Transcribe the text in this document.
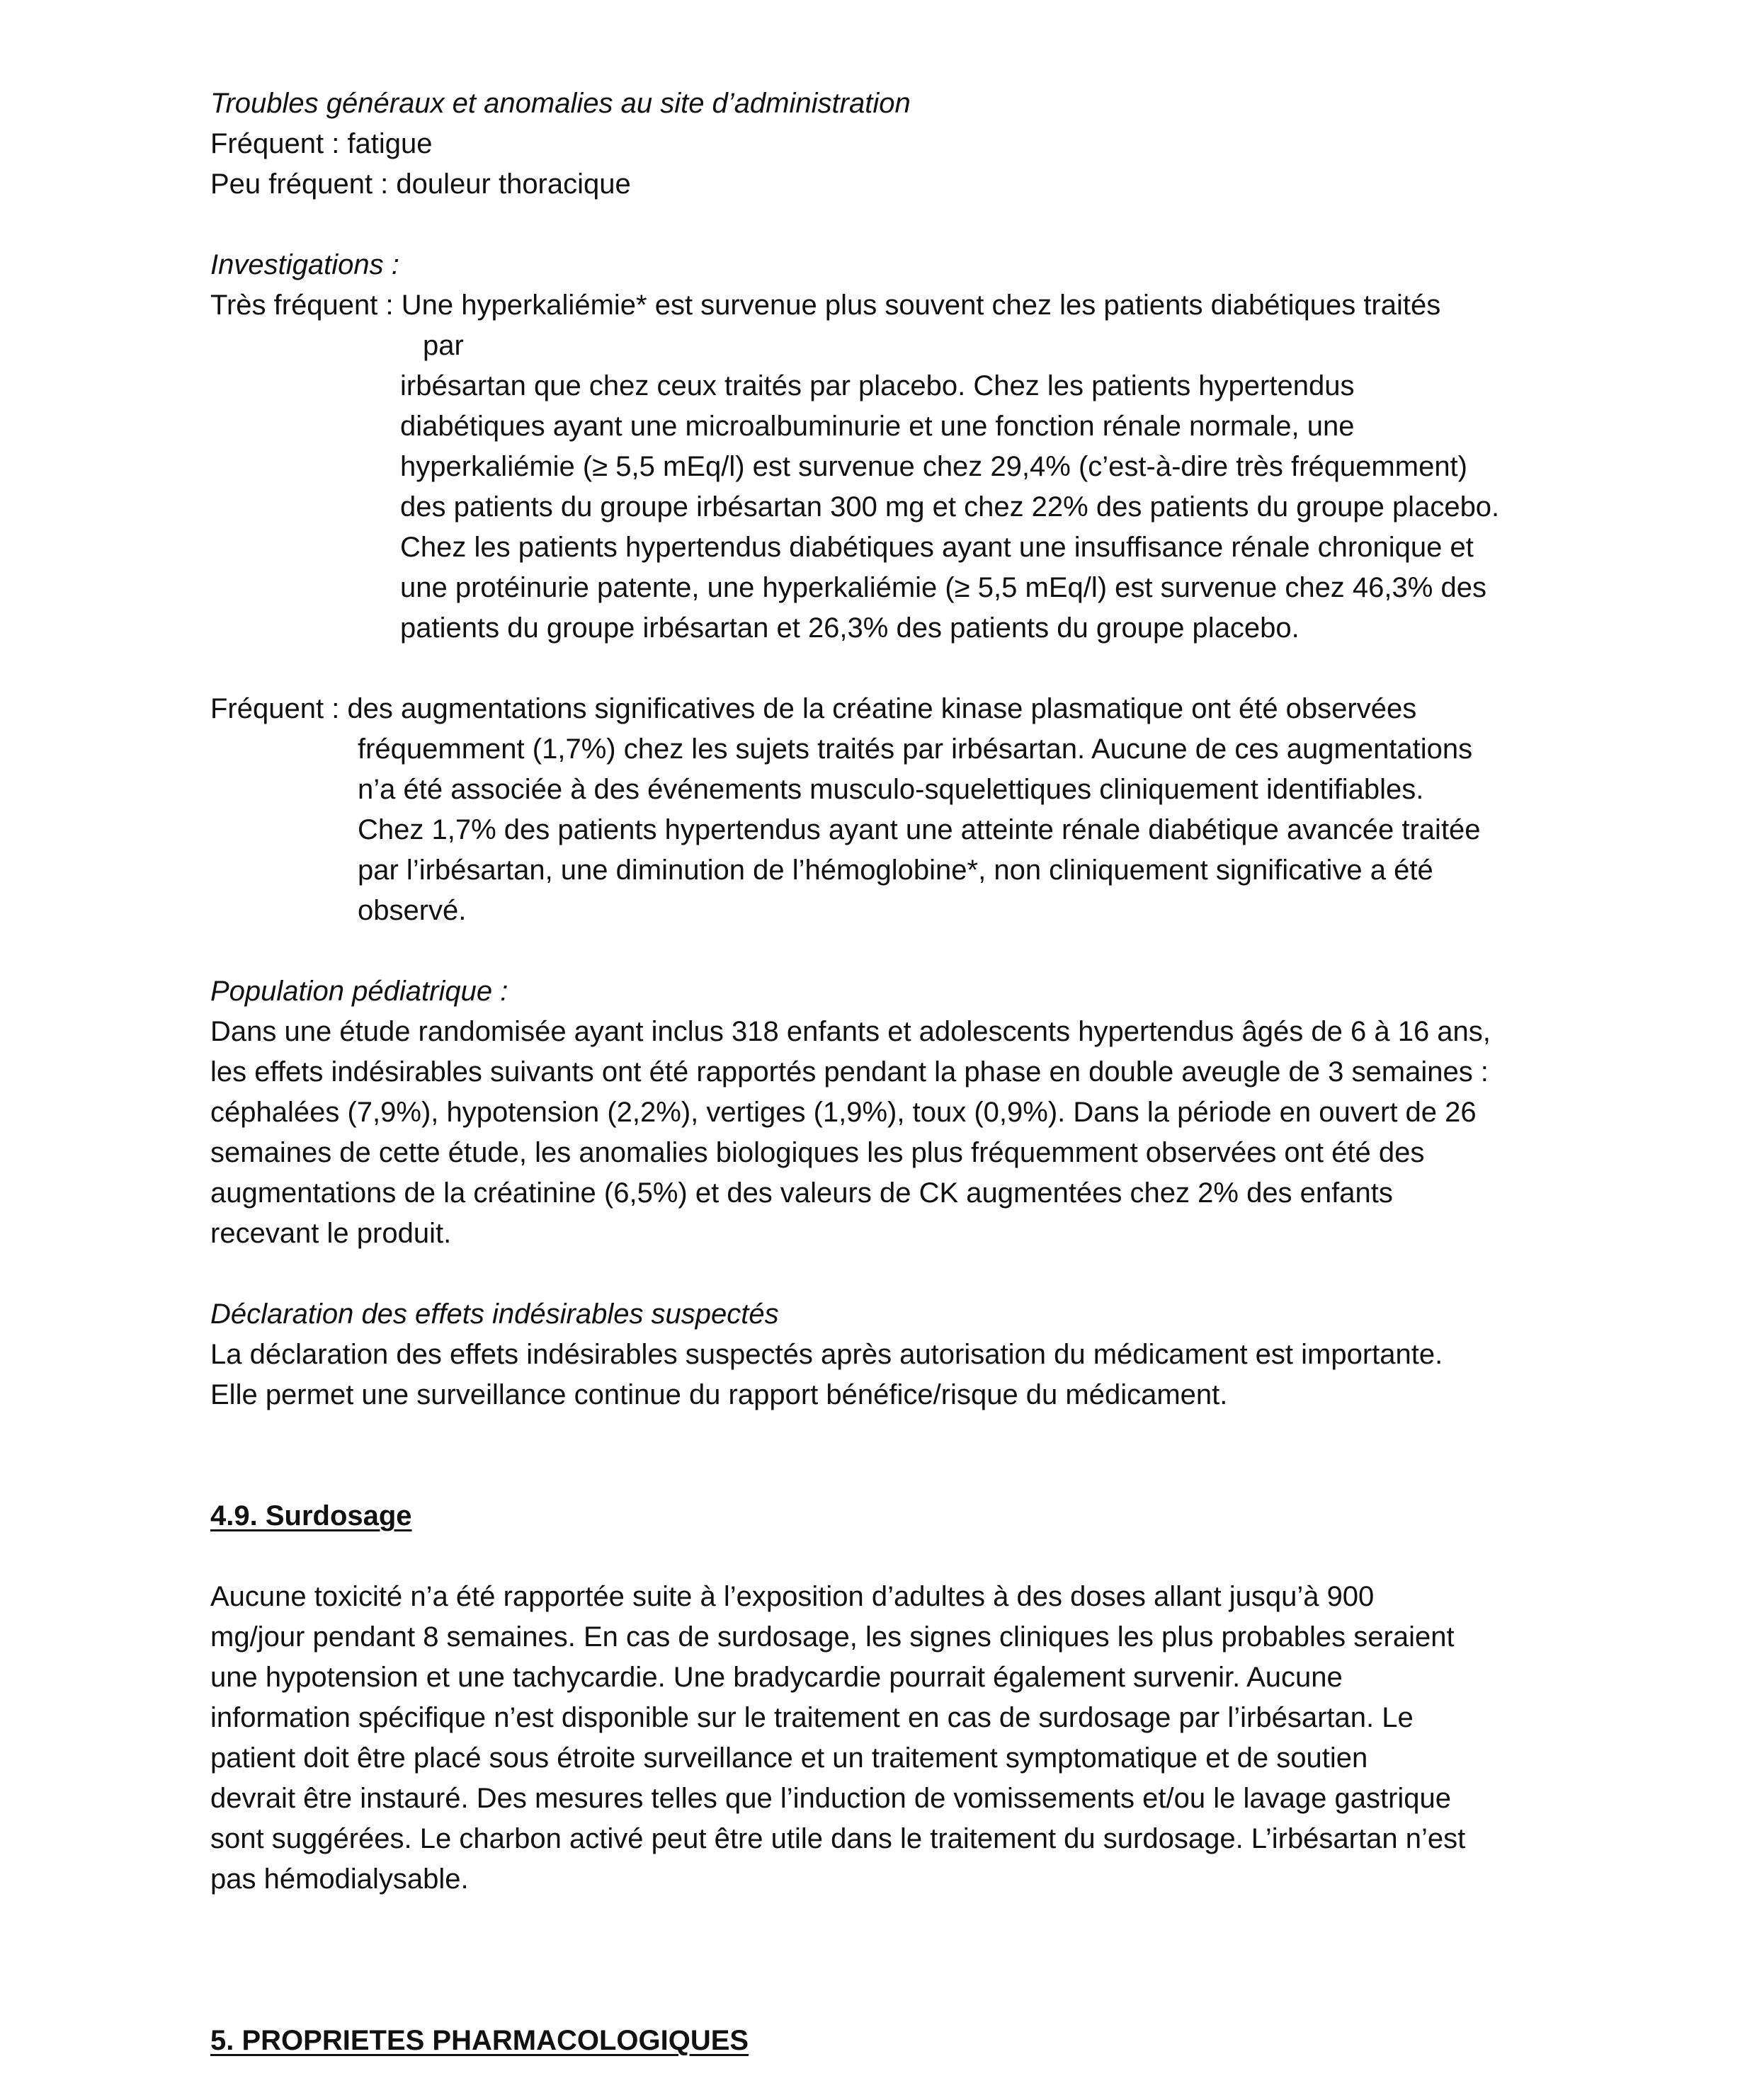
Troubles généraux et anomalies au site d’administration
Fréquent : fatigue
Peu fréquent : douleur thoracique
Investigations :
Très fréquent : Une hyperkaliémie* est survenue plus souvent chez les patients diabétiques traités
par
irbésartan que chez ceux traités par placebo. Chez les patients hypertendus
diabétiques ayant une microalbuminurie et une fonction rénale normale, une
hyperkaliémie (≥ 5,5 mEq/l) est survenue chez 29,4% (c’est-à-dire très fréquemment)
des patients du groupe irbésartan 300 mg et chez 22% des patients du groupe placebo.
Chez les patients hypertendus diabétiques ayant une insuffisance rénale chronique et
une protéinurie patente, une hyperkaliémie (≥ 5,5 mEq/l) est survenue chez 46,3% des
patients du groupe irbésartan et 26,3% des patients du groupe placebo.
Fréquent : des augmentations significatives de la créatine kinase plasmatique ont été observées
fréquemment (1,7%) chez les sujets traités par irbésartan. Aucune de ces augmentations
n’a été associée à des événements musculo-squelettiques cliniquement identifiables.
Chez 1,7% des patients hypertendus ayant une atteinte rénale diabétique avancée traitée
par l’irbésartan, une diminution de l’hémoglobine*, non cliniquement significative a été
observé.
Population pédiatrique :
Dans une étude randomisée ayant inclus 318 enfants et adolescents hypertendus âgés de 6 à 16 ans,
les effets indésirables suivants ont été rapportés pendant la phase en double aveugle de 3 semaines :
céphalées (7,9%), hypotension (2,2%), vertiges (1,9%), toux (0,9%). Dans la période en ouvert de 26
semaines de cette étude, les anomalies biologiques les plus fréquemment observées ont été des
augmentations de la créatinine (6,5%) et des valeurs de CK augmentées chez 2% des enfants
recevant le produit.
Déclaration des effets indésirables suspectés
La déclaration des effets indésirables suspectés après autorisation du médicament est importante.
Elle permet une surveillance continue du rapport bénéfice/risque du médicament.
4.9. Surdosage
Aucune toxicité n’a été rapportée suite à l’exposition d’adultes à des doses allant jusqu’à 900
mg/jour pendant 8 semaines. En cas de surdosage, les signes cliniques les plus probables seraient
une hypotension et une tachycardie. Une bradycardie pourrait également survenir. Aucune
information spécifique n’est disponible sur le traitement en cas de surdosage par l’irbésartan. Le
patient doit être placé sous étroite surveillance et un traitement symptomatique et de soutien
devrait être instauré. Des mesures telles que l’induction de vomissements et/ou le lavage gastrique
sont suggérées. Le charbon activé peut être utile dans le traitement du surdosage. L’irbésartan n’est
pas hémodialysable.
5. PROPRIETES PHARMACOLOGIQUES
